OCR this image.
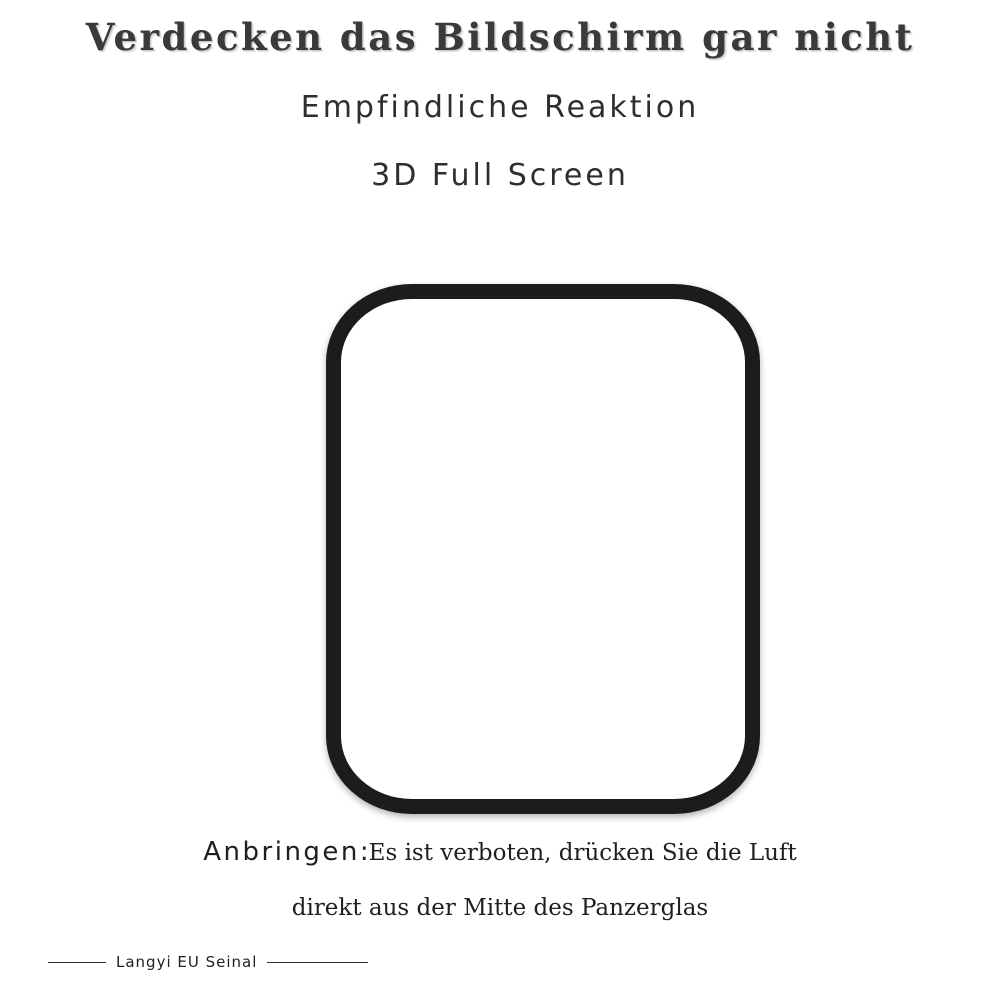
Verdecken das Bildschirm gar nicht
Empfindliche Reaktion
3D Full Screen
Anbringen:Es ist verboten, drücken Sie die Luft
direkt aus der Mitte des Panzerglas
Langyi EU Seinal
